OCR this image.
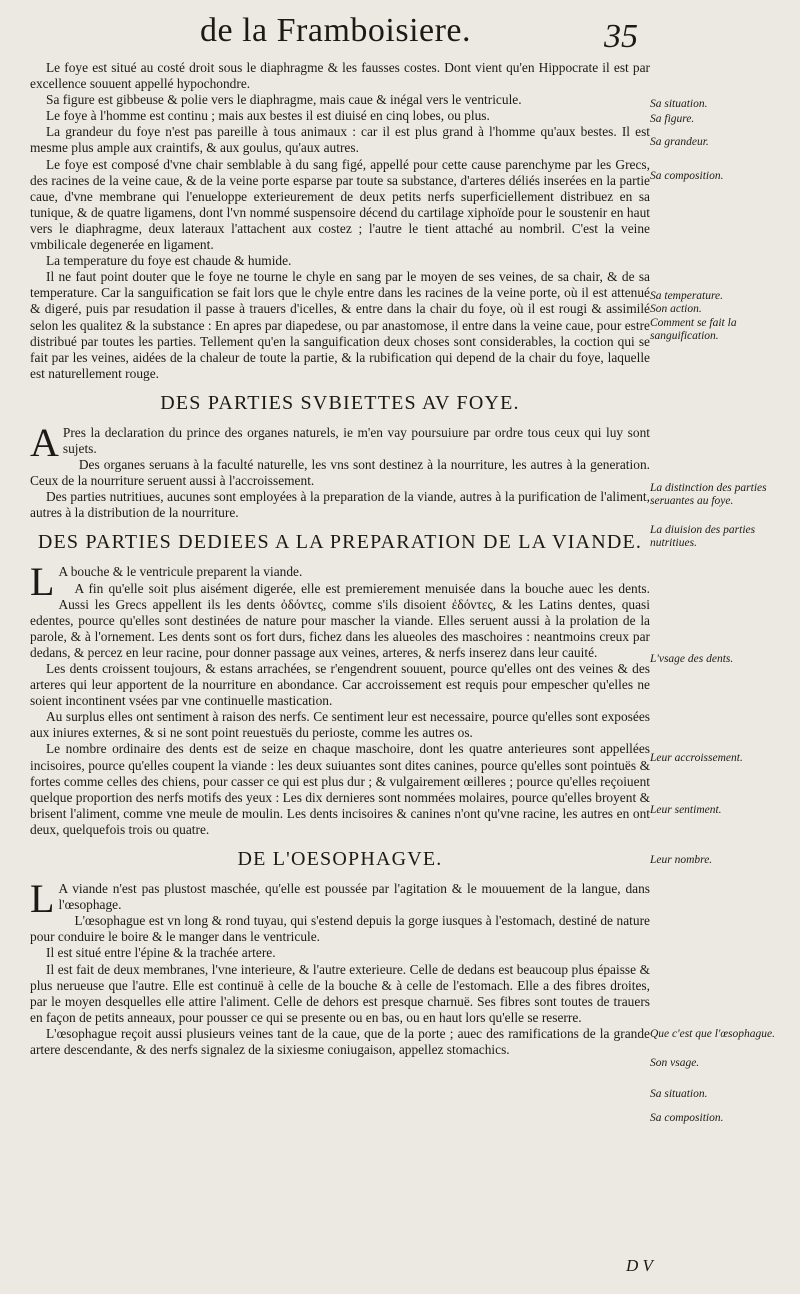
de la Framboisiere.	35

Le foye est situé au costé droit sous le diaphragme & les fausses costes. Dont vient qu'en Hippocrate il est par excellence souuent appellé hypochondre.

Sa figure est gibbeuse & polie vers le diaphragme, mais caue & inégal vers le ventricule.

Le foye à l'homme est continu ; mais aux bestes il est diuisé en cinq lobes, ou plus.

La grandeur du foye n'est pas pareille à tous animaux : car il est plus grand à l'homme qu'aux bestes. Il est mesme plus ample aux craintifs, & aux goulus, qu'aux autres.

Le foye est composé d'vne chair semblable à du sang figé, appellé pour cette cause parenchyme par les Grecs, des racines de la veine caue, & de la veine porte esparse par toute sa substance, d'arteres déliés inserées en la partie caue, d'vne membrane qui l'enueloppe exterieurement de deux petits nerfs superficiellement distribuez en sa tunique, & de quatre ligamens, dont l'vn nommé suspensoire décend du cartilage xiphoïde pour le soustenir en haut vers le diaphragme, deux lateraux l'attachent aux costez ; l'autre le tient attaché au nombril. C'est la veine vmbilicale degenerée en ligament.

La temperature du foye est chaude & humide.

Il ne faut point douter que le foye ne tourne le chyle en sang par le moyen de ses veines, de sa chair, & de sa temperature. Car la sanguification se fait lors que le chyle entre dans les racines de la veine porte, où il est attenué & digeré, puis par resudation il passe à trauers d'icelles, & entre dans la chair du foye, où il est rougi & assimilé selon les qualitez & la substance : En apres par diapedese, ou par anastomose, il entre dans la veine caue, pour estre distribué par toutes les parties. Tellement qu'en la sanguification deux choses sont considerables, la coction qui se fait par les veines, aidées de la chaleur de toute la partie, & la rubification qui depend de la chair du foye, laquelle est naturellement rouge.

DES PARTIES SVBIETTES AV FOYE.

A Pres la declaration du prince des organes naturels, ie m'en vay poursuiure par ordre tous ceux qui luy sont sujets.

Des organes seruans à la faculté naturelle, les vns sont destinez à la nourriture, les autres à la generation. Ceux de la nourriture seruent aussi à l'accroissement.

Des parties nutritiues, aucunes sont employées à la preparation de la viande, autres à la purification de l'aliment, autres à la distribution de la nourriture.

DES PARTIES DEDIEES A LA PREPARATION DE LA VIANDE.

L A bouche & le ventricule preparent la viande.

A fin qu'elle soit plus aisément digerée, elle est premierement menuisée dans la bouche auec les dents. Aussi les Grecs appellent ils les dents ὀδόντες, comme s'ils disoient ἐδόντες, & les Latins dentes, quasi edentes, pource qu'elles sont destinées de nature pour mascher la viande. Elles seruent aussi à la prolation de la parole, & à l'ornement. Les dents sont os fort durs, fichez dans les alueoles des maschoires : neantmoins creux par dedans, & percez en leur racine, pour donner passage aux veines, arteres, & nerfs inserez dans leur cauité.

Les dents croissent toujours, & estans arrachées, se r'engendrent souuent, pource qu'elles ont des veines & des arteres qui leur apportent de la nourriture en abondance. Car accroissement est requis pour empescher qu'elles ne soient incontinent vsées par vne continuelle mastication.

Au surplus elles ont sentiment à raison des nerfs. Ce sentiment leur est necessaire, pource qu'elles sont exposées aux iniures externes, & si ne sont point reuestuës du perioste, comme les autres os.

Le nombre ordinaire des dents est de seize en chaque maschoire, dont les quatre anterieures sont appellées incisoires, pource qu'elles coupent la viande : les deux suiuantes sont dites canines, pource qu'elles sont pointuës & fortes comme celles des chiens, pour casser ce qui est plus dur ; & vulgairement œilleres ; pource qu'elles reçoiuent quelque proportion des nerfs motifs des yeux : Les dix dernieres sont nommées molaires, pource qu'elles broyent & brisent l'aliment, comme vne meule de moulin. Les dents incisoires & canines n'ont qu'vne racine, les autres en ont deux, quelquefois trois ou quatre.

DE L'OESOPHAGVE.

L A viande n'est pas plustost maschée, qu'elle est poussée par l'agitation & le mouuement de la langue, dans l'œsophage.

L'œsophague est vn long & rond tuyau, qui s'estend depuis la gorge iusques à l'estomach, destiné de nature pour conduire le boire & le manger dans le ventricule.

Il est situé entre l'épine & la trachée artere.

Il est fait de deux membranes, l'vne interieure, & l'autre exterieure. Celle de dedans est beaucoup plus épaisse & plus nerueuse que l'autre. Elle est continuë à celle de la bouche & à celle de l'estomach. Elle a des fibres droites, par le moyen desquelles elle attire l'aliment. Celle de dehors est presque charnuë. Ses fibres sont toutes de trauers en façon de petits anneaux, pour pousser ce qui se presente ou en bas, ou en haut lors qu'elle se reserre.

L'œsophague reçoit aussi plusieurs veines tant de la caue, que de la porte ; auec des ramifications de la grande artere descendante, & des nerfs signalez de la sixiesme coniugaison, appellez stomachics.

Sa situation.
Sa figure.
Sa grandeur.
Sa composition.
Sa temperature.
Son action.
Comment se fait la sanguification.
La distinction des parties seruantes au foye.
La diuision des parties nutritiues.
L'vsage des dents.
Leur accroissement.
Leur sentiment.
Leur nombre.
Que c'est que l'œsophague.
Son vsage.
Sa situation.
Sa composition.
D V
